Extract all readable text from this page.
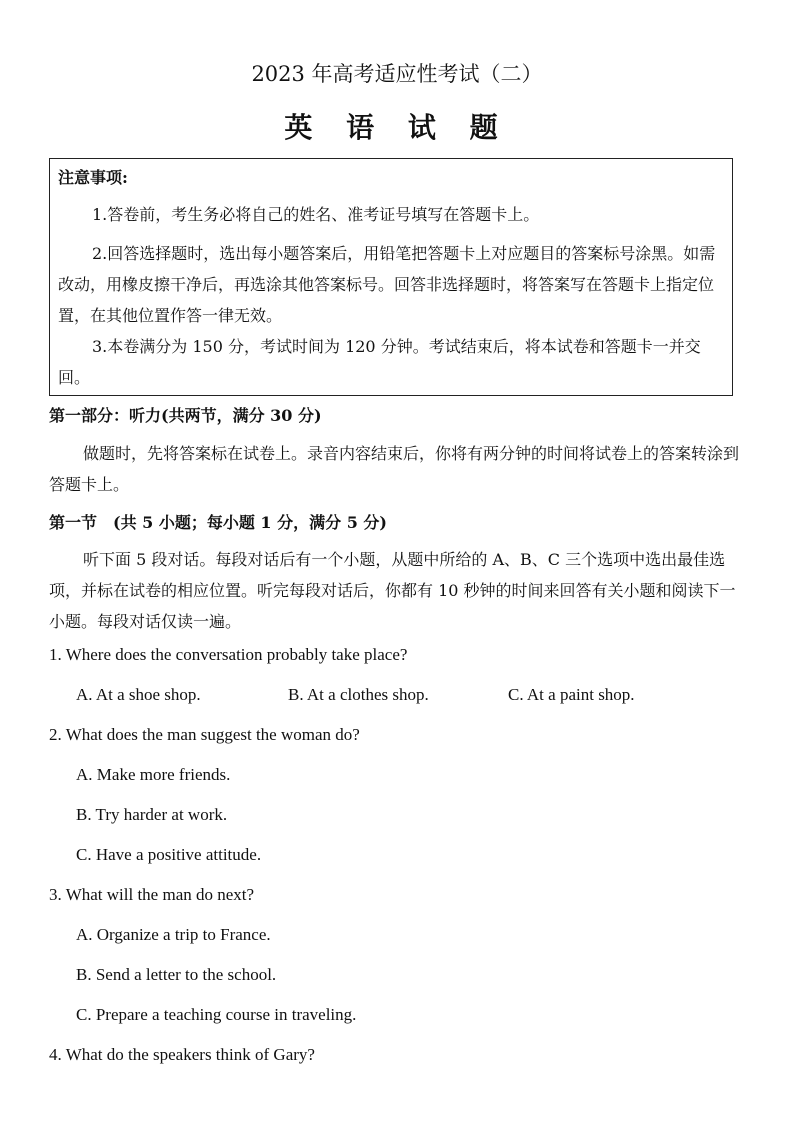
2023 年高考适应性考试（二）
英 语 试 题
注意事项:
1.答卷前，考生务必将自己的姓名、准考证号填写在答题卡上。
2.回答选择题时，选出每小题答案后，用铅笔把答题卡上对应题目的答案标号涂黑。如需改动，用橡皮擦干净后，再选涂其他答案标号。回答非选择题时，将答案写在答题卡上指定位置，在其他位置作答一律无效。
3.本卷满分为 150 分，考试时间为 120 分钟。考试结束后，将本试卷和答题卡一并交回。
第一部分：听力(共两节，满分 30 分)
做题时，先将答案标在试卷上。录音内容结束后，你将有两分钟的时间将试卷上的答案转涂到答题卡上。
第一节　(共 5 小题；每小题 1 分，满分 5 分)
听下面 5 段对话。每段对话后有一个小题，从题中所给的 A、B、C 三个选项中选出最佳选项，并标在试卷的相应位置。听完每段对话后，你都有 10 秒钟的时间来回答有关小题和阅读下一小题。每段对话仅读一遍。
1. Where does the conversation probably take place?
A. At a shoe shop.	B. At a clothes shop.	C. At a paint shop.
2. What does the man suggest the woman do?
A. Make more friends.
B. Try harder at work.
C. Have a positive attitude.
3. What will the man do next?
A. Organize a trip to France.
B. Send a letter to the school.
C. Prepare a teaching course in traveling.
4. What do the speakers think of Gary?
